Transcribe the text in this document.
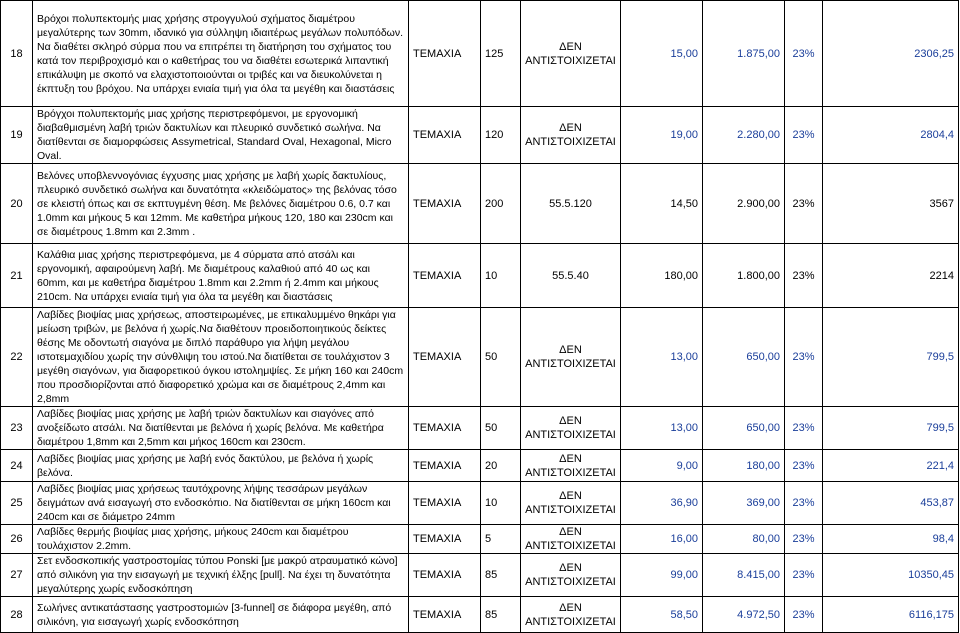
18	Βρόχοι πολυπεκτομής μιας χρήσης στρογγυλού σχήματος διαμέτρου μεγαλύτερης των 30mm, ιδανικό για σύλληψη ιδιαιτέρως μεγάλων πολυπόδων. Να διαθέτει σκληρό σύρμα που να επιτρέπει τη διατήρηση του σχήματος του κατά τον περιβροχισμό και ο καθετήρας του να διαθέτει εσωτερικά λιπαντική επικάλυψη με σκοπό να ελαχιστοποιούνται οι τριβές και να διευκολύνεται η έκπτυξη του βρόχου. Να υπάρχει ενιαία τιμή για όλα τα μεγέθη και διαστάσεις	ΤΕΜΑΧΙΑ	125	ΔΕΝ ΑΝΤΙΣΤΟΙΧΙΖΕΤΑΙ	15,00	1.875,00	23%	2306,25
19	Βρόγχοι πολυπεκτομής μιας χρήσης περιστρεφόμενοι, με εργονομική διαβαθμισμένη λαβή τριών δακτυλίων και πλευρικό συνδετικό σωλήνα. Να διατίθενται σε διαμορφώσεις Assymetrical, Standard Oval, Hexagonal, Micro Oval.	ΤΕΜΑΧΙΑ	120	ΔΕΝ ΑΝΤΙΣΤΟΙΧΙΖΕΤΑΙ	19,00	2.280,00	23%	2804,4
20	Βελόνες υποβλεννογόνιας έγχυσης μιας χρήσης με λαβή χωρίς δακτυλίους, πλευρικό συνδετικό σωλήνα και δυνατότητα «κλειδώματος» της βελόνας τόσο σε κλειστή όπως και σε εκπτυγμένη θέση. Με βελόνες διαμέτρου 0.6, 0.7 και 1.0mm και μήκους 5 και 12mm. Με καθετήρα μήκους 120, 180 και 230cm και σε διαμέτρους 1.8mm και 2.3mm .	ΤΕΜΑΧΙΑ	200	55.5.120	14,50	2.900,00	23%	3567
21	Καλάθια μιας χρήσης περιστρεφόμενα, με 4 σύρματα από ατσάλι και εργονομική, αφαιρούμενη λαβή. Με διαμέτρους καλαθιού από 40 ως και 60mm, και με καθετήρα διαμέτρου 1.8mm και 2.2mm ή 2.4mm και μήκους 210cm. Να υπάρχει ενιαία τιμή για όλα τα μεγέθη και διαστάσεις	ΤΕΜΑΧΙΑ	10	55.5.40	180,00	1.800,00	23%	2214
22	Λαβίδες βιοψίας μιας χρήσεως, αποστειρωμένες, με επικαλυμμένο θηκάρι για μείωση τριβών, με βελόνα ή χωρίς.Να διαθέτουν προειδοποιητικούς δείκτες θέσης Με οδοντωτή σιαγόνα με διπλό παράθυρο για λήψη μεγάλου ιστοτεμαχιδίου χωρίς την σύνθλιψη του ιστού.Να διατίθεται σε τουλάχιστον 3 μεγέθη σιαγόνων, για διαφορετικού όγκου ιστολημψίες. Σε μήκη 160 και 240cm που προσδιορίζονται από διαφορετικό χρώμα και σε διαμέτρους 2,4mm και 2,8mm	ΤΕΜΑΧΙΑ	50	ΔΕΝ ΑΝΤΙΣΤΟΙΧΙΖΕΤΑΙ	13,00	650,00	23%	799,5
23	Λαβίδες βιοψίας μιας χρήσης με λαβή τριών δακτυλίων και σιαγόνες από ανοξείδωτο ατσάλι. Να διατίθενται με βελόνα ή χωρίς βελόνα. Με καθετήρα διαμέτρου 1,8mm και 2,5mm και μήκος 160cm και 230cm.	ΤΕΜΑΧΙΑ	50	ΔΕΝ ΑΝΤΙΣΤΟΙΧΙΖΕΤΑΙ	13,00	650,00	23%	799,5
24	Λαβίδες βιοψίας μιας χρήσης με λαβή ενός δακτύλου, με βελόνα ή χωρίς βελόνα.	ΤΕΜΑΧΙΑ	20	ΔΕΝ ΑΝΤΙΣΤΟΙΧΙΖΕΤΑΙ	9,00	180,00	23%	221,4
25	Λαβίδες βιοψίας μιας χρήσεως ταυτόχρονης λήψης τεσσάρων μεγάλων δειγμάτων ανά εισαγωγή στο ενδοσκόπιο. Να διατίθενται σε μήκη 160cm και 240cm και σε διάμετρο 24mm	ΤΕΜΑΧΙΑ	10	ΔΕΝ ΑΝΤΙΣΤΟΙΧΙΖΕΤΑΙ	36,90	369,00	23%	453,87
26	Λαβίδες θερμής βιοψίας μιας χρήσης, μήκους 240cm και διαμέτρου τουλάχιστον 2.2mm.	ΤΕΜΑΧΙΑ	5	ΔΕΝ ΑΝΤΙΣΤΟΙΧΙΖΕΤΑΙ	16,00	80,00	23%	98,4
27	Σετ ενδοσκοπικής γαστροστομίας τύπου Ponski [με μακρύ ατραυματικό κώνο] από σιλικόνη για την εισαγωγή με τεχνική έλξης [pull]. Να έχει τη δυνατότητα μεγαλύτερης χωρίς ενδοσκόπηση	ΤΕΜΑΧΙΑ	85	ΔΕΝ ΑΝΤΙΣΤΟΙΧΙΖΕΤΑΙ	99,00	8.415,00	23%	10350,45
28	Σωλήνες αντικατάστασης γαστροστομιών [3-funnel] σε διάφορα μεγέθη, από σιλικόνη, για εισαγωγή χωρίς ενδοσκόπηση	ΤΕΜΑΧΙΑ	85	ΔΕΝ ΑΝΤΙΣΤΟΙΧΙΖΕΤΑΙ	58,50	4.972,50	23%	6116,175
